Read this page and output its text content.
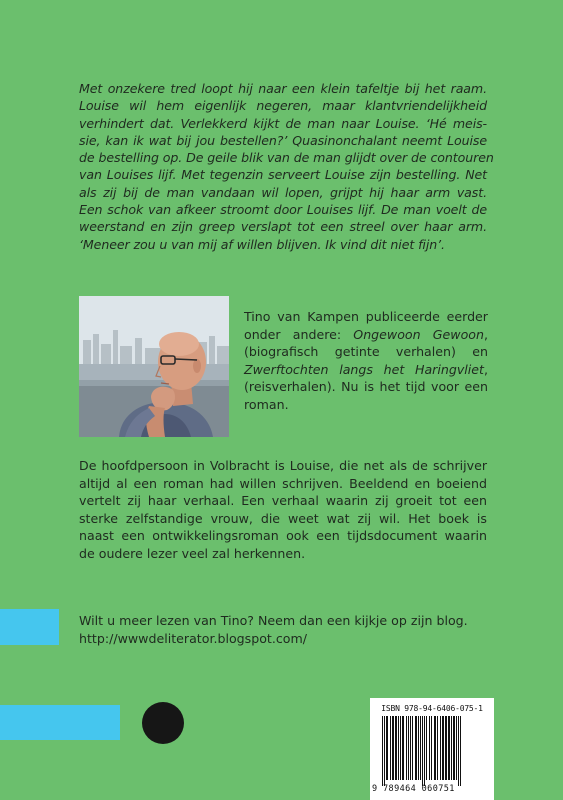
Met onzekere tred loopt hij naar een klein tafeltje bij het raam.
Louise wil hem eigenlijk negeren, maar klantvriendelijkheid
verhindert dat. Verlekkerd kijkt de man naar Louise. ‘Hé meis-
sie, kan ik wat bij jou bestellen?’ Quasinonchalant neemt Louise
de bestelling op. De geile blik van de man glijdt over de contouren
van Louises lijf. Met tegenzin serveert Louise zijn bestelling. Net
als zij bij de man vandaan wil lopen, grijpt hij haar arm vast.
Een schok van afkeer stroomt door Louises lijf. De man voelt de
weerstand en zijn greep verslapt tot een streel over haar arm.
‘Meneer zou u van mij af willen blijven. Ik vind dit niet fijn’.

Tino van Kampen publiceerde eerder
onder andere: Ongewoon Gewoon,
(biografisch getinte verhalen) en
Zwerftochten langs het Haringvliet,
(reisverhalen). Nu is het tijd voor een
roman.

De hoofdpersoon in Volbracht is Louise, die net als de schrijver
altijd al een roman had willen schrijven. Beeldend en boeiend
vertelt zij haar verhaal. Een verhaal waarin zij groeit tot een
sterke zelfstandige vrouw, die weet wat zij wil. Het boek is
naast een ontwikkelingsroman ook een tijdsdocument waarin
de oudere lezer veel zal herkennen.

Wilt u meer lezen van Tino? Neem dan een kijkje op zijn blog.
http://wwwdeliterator.blogspot.com/

ISBN 978-94-6406-075-1
9 789464 060751
